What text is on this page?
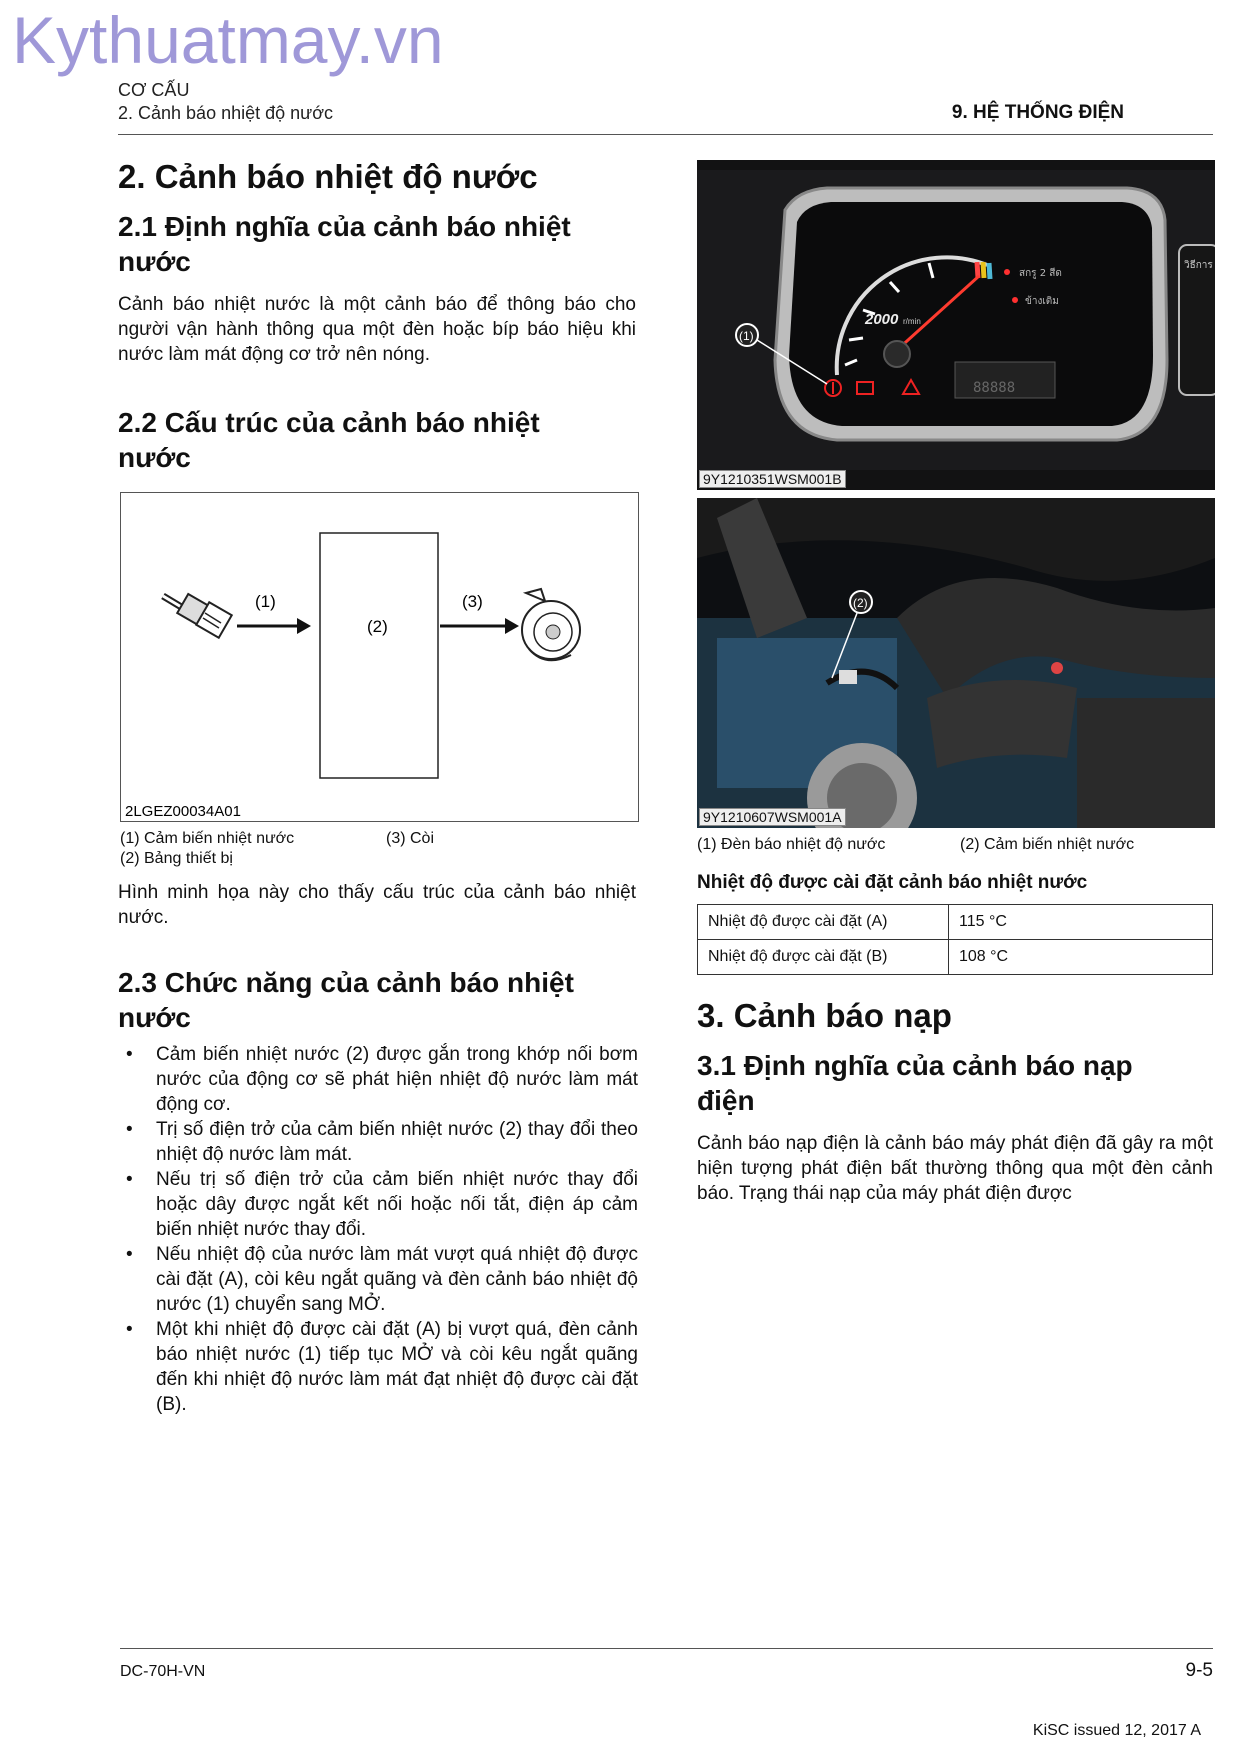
Kythuatmay.vn
CƠ CẤU
2. Cảnh báo nhiệt độ nước	9. HỆ THỐNG ĐIỆN
2. Cảnh báo nhiệt độ nước
2.1 Định nghĩa của cảnh báo nhiệt nước
Cảnh báo nhiệt nước là một cảnh báo để thông báo cho người vận hành thông qua một đèn hoặc bíp báo hiệu khi nước làm mát động cơ trở nên nóng.
2.2 Cấu trúc của cảnh báo nhiệt nước
(1)
(2)
(3)
2LGEZ00034A01
(1) Cảm biến nhiệt nước	(3) Còi
(2) Bảng thiết bị
Hình minh họa này cho thấy cấu trúc của cảnh báo nhiệt nước.
2.3 Chức năng của cảnh báo nhiệt nước
• Cảm biến nhiệt nước (2) được gắn trong khớp nối bơm nước của động cơ sẽ phát hiện nhiệt độ nước làm mát động cơ.
• Trị số điện trở của cảm biến nhiệt nước (2) thay đổi theo nhiệt độ nước làm mát.
• Nếu trị số điện trở của cảm biến nhiệt nước thay đổi hoặc dây được ngắt kết nối hoặc nối tắt, điện áp cảm biến nhiệt nước thay đổi.
• Nếu nhiệt độ của nước làm mát vượt quá nhiệt độ được cài đặt (A), còi kêu ngắt quãng và đèn cảnh báo nhiệt độ nước (1) chuyển sang MỞ.
• Một khi nhiệt độ được cài đặt (A) bị vượt quá, đèn cảnh báo nhiệt nước (1) tiếp tục MỞ và còi kêu ngắt quãng đến khi nhiệt độ nước làm mát đạt nhiệt độ được cài đặt (B).
2000 r/min
88888
สกรู 2 สีด
ข้างเติม
วิธีการ
(1)
9Y1210351WSM001B
(2)
9Y1210607WSM001A
(1) Đèn báo nhiệt độ nước	(2) Cảm biến nhiệt nước
Nhiệt độ được cài đặt cảnh báo nhiệt nước
Nhiệt độ được cài đặt (A)	115 °C
Nhiệt độ được cài đặt (B)	108 °C
3. Cảnh báo nạp
3.1 Định nghĩa của cảnh báo nạp điện
Cảnh báo nạp điện là cảnh báo máy phát điện đã gây ra một hiện tượng phát điện bất thường thông qua một đèn cảnh báo. Trạng thái nạp của máy phát điện được
DC-70H-VN	9-5
KiSC issued 12, 2017 A
